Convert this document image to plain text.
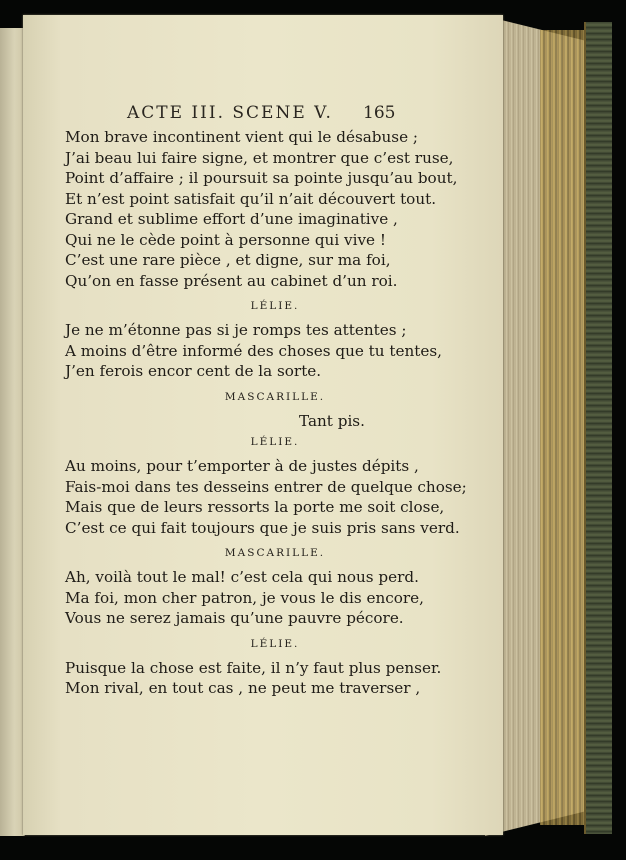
ACTE III. SCENE V. 165
Mon brave incontinent vient qui le désabuse ;
J’ai beau lui faire signe, et montrer que c’est ruse,
Point d’affaire ; il poursuit sa pointe jusqu’au bout,
Et n’est point satisfait qu’il n’ait découvert tout.
Grand et sublime effort d’une imaginative ,
Qui ne le cède point à personne qui vive !
C’est une rare pièce , et digne, sur ma foi,
Qu’on en fasse présent au cabinet d’un roi.
LÉLIE.
Je ne m’étonne pas si je romps tes attentes ;
A moins d’être informé des choses que tu tentes,
J’en ferois encor cent de la sorte.
MASCARILLE.
Tant pis.
LÉLIE.
Au moins, pour t’emporter à de justes dépits ,
Fais-moi dans tes desseins entrer de quelque chose;
Mais que de leurs ressorts la porte me soit close,
C’est ce qui fait toujours que je suis pris sans verd.
MASCARILLE.
Ah, voilà tout le mal! c’est cela qui nous perd.
Ma foi, mon cher patron, je vous le dis encore,
Vous ne serez jamais qu’une pauvre pécore.
LÉLIE.
Puisque la chose est faite, il n’y faut plus penser.
Mon rival, en tout cas , ne peut me traverser ,
